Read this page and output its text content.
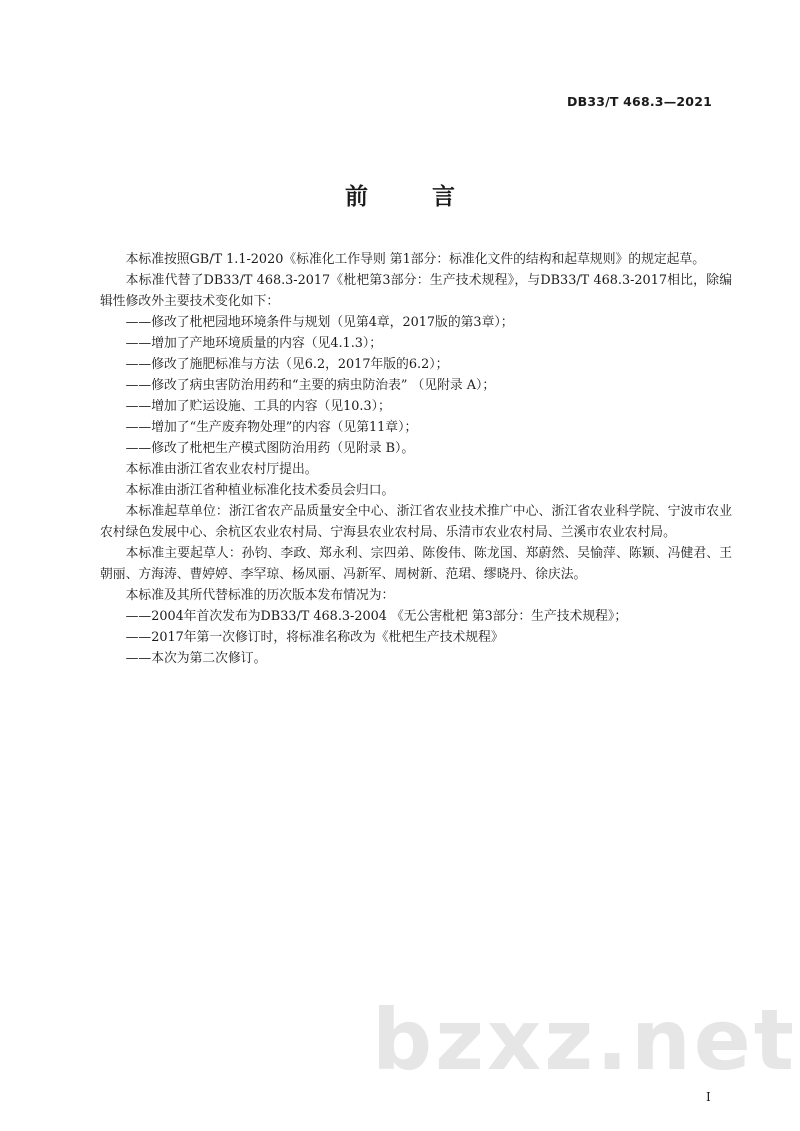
DB33/T 468.3—2021
前 言

本标准按照GB/T 1.1-2020《标准化工作导则 第1部分：标准化文件的结构和起草规则》的规定起草。

本标准代替了DB33/T 468.3-2017《枇杷第3部分：生产技术规程》，与DB33/T 468.3-2017相比，除编辑性修改外主要技术变化如下：

——修改了枇杷园地环境条件与规划（见第4章，2017版的第3章）；

——增加了产地环境质量的内容（见4.1.3）；

——修改了施肥标准与方法（见6.2，2017年版的6.2）；

——修改了病虫害防治用药和“主要的病虫防治表” （见附录 A）；

——增加了贮运设施、工具的内容（见10.3）；

——增加了“生产废弃物处理”的内容（见第11章）；

——修改了枇杷生产模式图防治用药（见附录 B）。

本标准由浙江省农业农村厅提出。

本标准由浙江省种植业标准化技术委员会归口。

本标准起草单位：浙江省农产品质量安全中心、浙江省农业技术推广中心、浙江省农业科学院、宁波市农业农村绿色发展中心、余杭区农业农村局、宁海县农业农村局、乐清市农业农村局、兰溪市农业农村局。

本标准主要起草人：孙钧、李政、郑永利、宗四弟、陈俊伟、陈龙国、郑蔚然、吴愉萍、陈颖、冯健君、王朝丽、方海涛、曹婷婷、李罕琼、杨凤丽、冯新军、周树新、范珺、缪晓丹、徐庆法。

本标准及其所代替标准的历次版本发布情况为：

——2004年首次发布为DB33/T 468.3-2004 《无公害枇杷 第3部分：生产技术规程》；

——2017年第一次修订时，将标准名称改为《枇杷生产技术规程》

——本次为第二次修订。

bzxz.net
I
